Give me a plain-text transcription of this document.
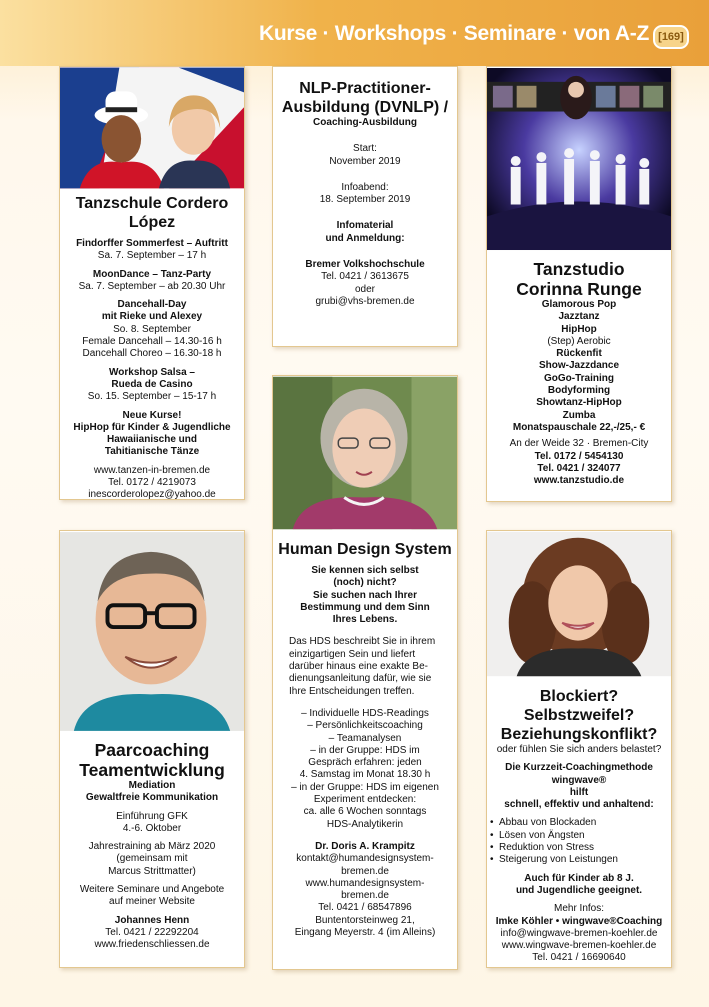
Kurse · Workshops · Seminare · von A-Z [169]
Tanzschule Cordero López
Findorffer Sommerfest – Auftritt
Sa. 7. September – 17 h
MoonDance – Tanz-Party
Sa. 7. September – ab 20.30 Uhr
Dancehall-Day
mit Rieke und Alexey
So. 8. September
Female Dancehall – 14.30-16 h
Dancehall Choreo – 16.30-18 h
Workshop Salsa –
Rueda de Casino
So. 15. September – 15-17 h
Neue Kurse!
HipHop für Kinder & Jugendliche
Hawaiianische und
Tahitianische Tänze
www.tanzen-in-bremen.de
Tel. 0172 / 4219073
inescorderolopez@yahoo.de
NLP-Practitioner-
Ausbildung (DVNLP) /
Coaching-Ausbildung
Start:
November 2019
Infoabend:
18. September 2019
Infomaterial
und Anmeldung:
Bremer Volkshochschule
Tel. 0421 / 3613675
oder
grubi@vhs-bremen.de
Tanzstudio
Corinna Runge
Glamorous Pop
Jazztanz
HipHop
(Step) Aerobic
Rückenfit
Show-Jazzdance
GoGo-Training
Bodyforming
Showtanz-HipHop
Zumba
Monatspauschale 22,-/25,- €
An der Weide 32 · Bremen-City
Tel. 0172 / 5454130
Tel. 0421 / 324077
www.tanzstudio.de
Human Design System
Sie kennen sich selbst
(noch) nicht?
Sie suchen nach Ihrer
Bestimmung und dem Sinn
Ihres Lebens.
Das HDS beschreibt Sie in ihrem
einzigartigen Sein und liefert
darüber hinaus eine exakte Be-
dienungsanleitung dafür, wie sie
Ihre Entscheidungen treffen.
– Individuelle HDS-Readings
– Persönlichkeitscoaching
– Teamanalysen
– in der Gruppe: HDS im
Gespräch erfahren: jeden
4. Samstag im Monat 18.30 h
– in der Gruppe: HDS im eigenen
Experiment entdecken:
ca. alle 6 Wochen sonntags
HDS-Analytikerin
Dr. Doris A. Krampitz
kontakt@humandesignsystem-
bremen.de
www.humandesignsystem-
bremen.de
Tel. 0421 / 68547896
Buntentorsteinweg 21,
Eingang Meyerstr. 4 (im Alleins)
Paarcoaching
Teamentwicklung
Mediation
Gewaltfreie Kommunikation
Einführung GFK
4.-6. Oktober
Jahrestraining ab März 2020
(gemeinsam mit
Marcus Strittmatter)
Weitere Seminare und Angebote
auf meiner Website
Johannes Henn
Tel. 0421 / 22292204
www.friedenschliessen.de
Blockiert? Selbstzweifel?
Beziehungskonflikt?
oder fühlen Sie sich anders belastet?
Die Kurzzeit-Coachingmethode
wingwave®
hilft
schnell, effektiv und anhaltend:
• Abbau von Blockaden
• Lösen von Ängsten
• Reduktion von Stress
• Steigerung von Leistungen
Auch für Kinder ab 8 J.
und Jugendliche geeignet.
Mehr Infos:
Imke Köhler • wingwave®Coaching
info@wingwave-bremen-koehler.de
www.wingwave-bremen-koehler.de
Tel. 0421 / 16690640
